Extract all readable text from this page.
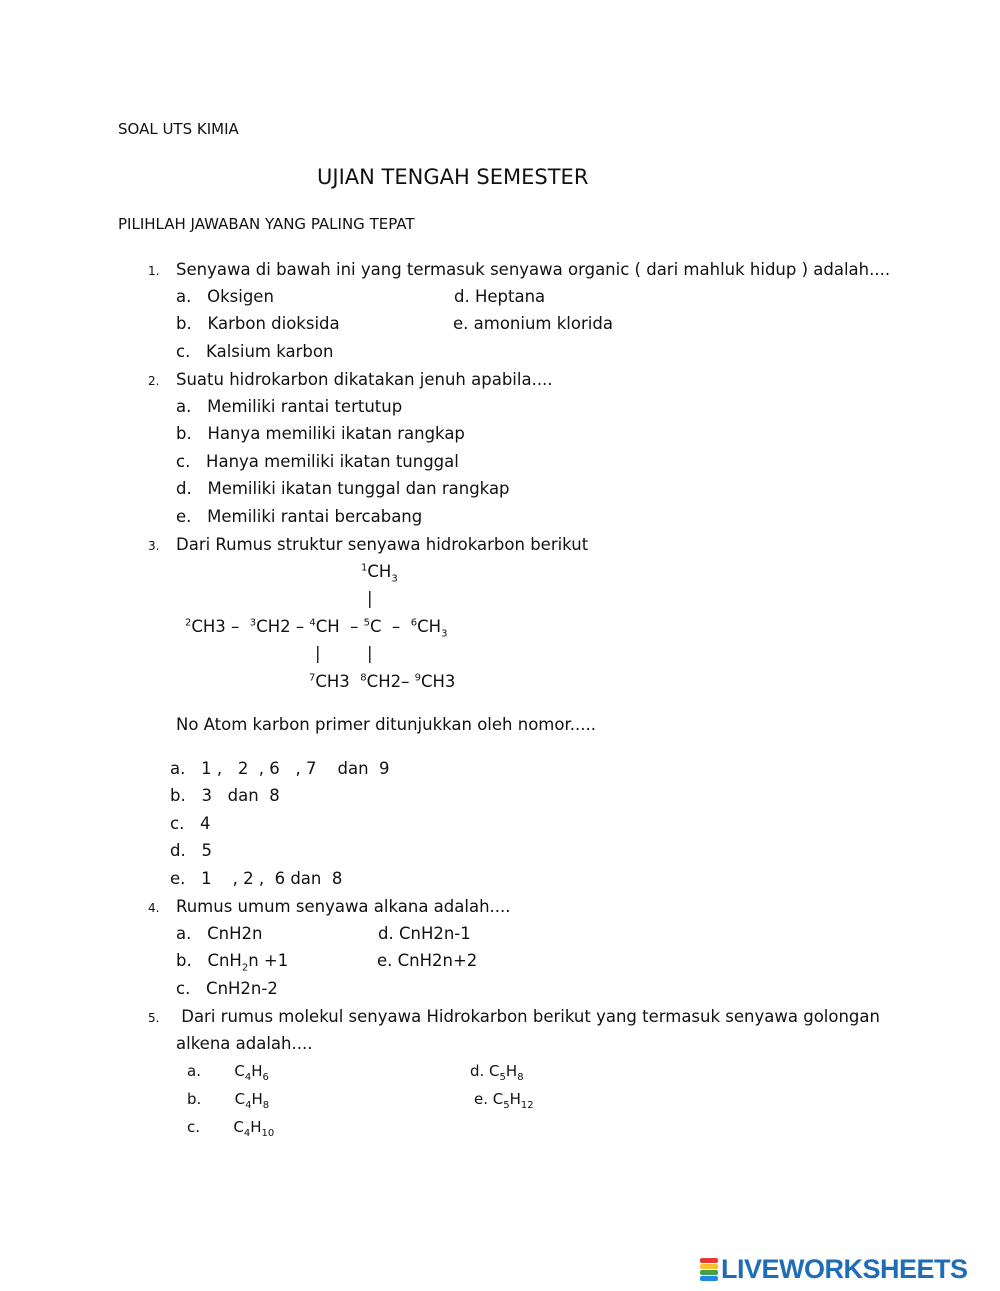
SOAL UTS KIMIA
UJIAN TENGAH SEMESTER
PILIHLAH JAWABAN YANG PALING TEPAT
1. Senyawa di bawah ini yang termasuk senyawa organic ( dari mahluk hidup ) adalah....
a.   Oksigen	d. Heptana
b.   Karbon dioksida	e. amonium klorida
c.   Kalsium karbon
2. Suatu hidrokarbon dikatakan jenuh apabila....
a.   Memiliki rantai tertutup
b.   Hanya memiliki ikatan rangkap
c.   Hanya memiliki ikatan tunggal
d.   Memiliki ikatan tunggal dan rangkap
e.   Memiliki rantai bercabang
3. Dari Rumus struktur senyawa hidrokarbon berikut
$^1CH_3$
|
$^2CH3 - ^3CH2 - ^4CH - ^5C - ^6CH_3$
|	|
$^7$CH3  $^8$CH2– $^9$CH3
No Atom karbon primer ditunjukkan oleh nomor.....
a.   1 ,   2  , 6   , 7    dan  9
b.   3   dan  8
c.   4
d.   5
e.   1    , 2 ,  6 dan  8
4. Rumus umum senyawa alkana adalah....
a.   CnH2n	d. CnH2n-1
b.   CnH$_2$n +1	e. CnH2n+2
c.   CnH2n-2
5. Dari rumus molekul senyawa Hidrokarbon berikut yang termasuk senyawa golongan
alkena adalah....
a.       $C_4H_6$	d. $C_5H_8$
b.       $C_4H_8$	e. $C_5H_{12}$
c.       $C_4H_{10}$
LIVEWORKSHEETS
